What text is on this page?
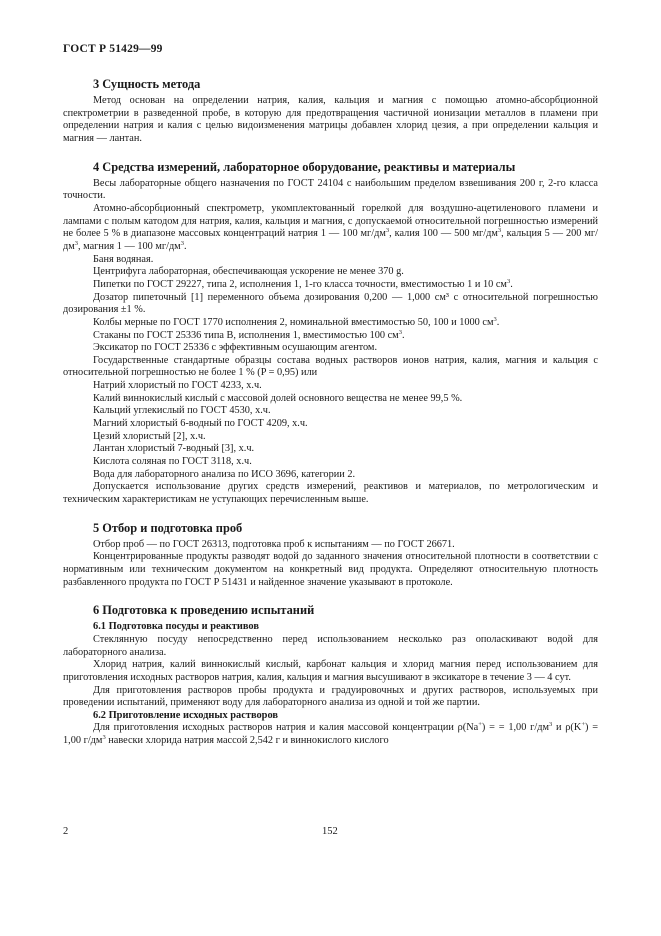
ГОСТ Р 51429—99
3 Сущность метода

Метод основан на определении натрия, калия, кальция и магния с помощью атомно-абсорбционной спектрометрии в разведенной пробе, в которую для предотвращения частичной ионизации металлов в пламени при определении натрия и калия с целью видоизменения матрицы добавлен хлорид цезия, а при определении кальция и магния — лантан.

4 Средства измерений, лабораторное оборудование, реактивы и материалы

Весы лабораторные общего назначения по ГОСТ 24104 с наибольшим пределом взвешивания 200 г, 2-го класса точности.

Атомно-абсорбционный спектрометр, укомплектованный горелкой для воздушно-ацетиленового пламени и лампами с полым катодом для натрия, калия, кальция и магния, с допускаемой относительной погрешностью измерений не более 5 % в диапазоне массовых концентраций натрия 1 — 100 $мг/дм^3$, калия 100 — 500 $мг/дм^3$, кальция 5 — 200 $мг/дм^3$, магния 1 — 100 $мг/дм^3$.

Баня водяная.

Центрифуга лабораторная, обеспечивающая ускорение не менее 370 g.

Пипетки по ГОСТ 29227, типа 2, исполнения 1, 1-го класса точности, вместимостью 1 и 10 $см^3$.

Дозатор пипеточный [1] переменного объема дозирования 0,200 — 1,000 см³ с относительной погрешностью дозирования ±1 %.

Колбы мерные по ГОСТ 1770 исполнения 2, номинальной вместимостью 50, 100 и 1000 $см^3$.

Стаканы по ГОСТ 25336 типа В, исполнения 1, вместимостью 100 $см^3$.

Эксикатор по ГОСТ 25336 с эффективным осушающим агентом.

Государственные стандартные образцы состава водных растворов ионов натрия, калия, магния и кальция с относительной погрешностью не более 1 % (P = 0,95) или

Натрий хлористый по ГОСТ 4233, х.ч.

Калий виннокислый кислый с массовой долей основного вещества не менее 99,5 %.

Кальций углекислый по ГОСТ 4530, х.ч.

Магний хлористый 6-водный по ГОСТ 4209, х.ч.

Цезий хлористый [2], х.ч.

Лантан хлористый 7-водный [3], х.ч.

Кислота соляная по ГОСТ 3118, х.ч.

Вода для лабораторного анализа по ИСО 3696, категории 2.

Допускается использование других средств измерений, реактивов и материалов, по метрологическим и техническим характеристикам не уступающих перечисленным выше.

5 Отбор и подготовка проб

Отбор проб — по ГОСТ 26313, подготовка проб к испытаниям — по ГОСТ 26671.

Концентрированные продукты разводят водой до заданного значения относительной плотности в соответствии с нормативным или техническим документом на конкретный вид продукта. Определяют относительную плотность разбавленного продукта по ГОСТ Р 51431 и найденное значение указывают в протоколе.

6 Подготовка к проведению испытаний
6.1 Подготовка посуды и реактивов

Стеклянную посуду непосредственно перед использованием несколько раз ополаскивают водой для лабораторного анализа.

Хлорид натрия, калий виннокислый кислый, карбонат кальция и хлорид магния перед использованием для приготовления исходных растворов натрия, калия, кальция и магния высушивают в эксикаторе в течение 3 — 4 сут.

Для приготовления растворов пробы продукта и градуировочных и других растворов, используемых при проведении испытаний, применяют воду для лабораторного анализа из одной и той же партии.

6.2 Приготовление исходных растворов

Для приготовления исходных растворов натрия и калия массовой концентрации ρ(Na+) = = 1,00 $г/дм^3$ и ρ(K+) = 1,00 $г/дм^3$ навески хлорида натрия массой 2,542 г и виннокислого кислого

2	152
